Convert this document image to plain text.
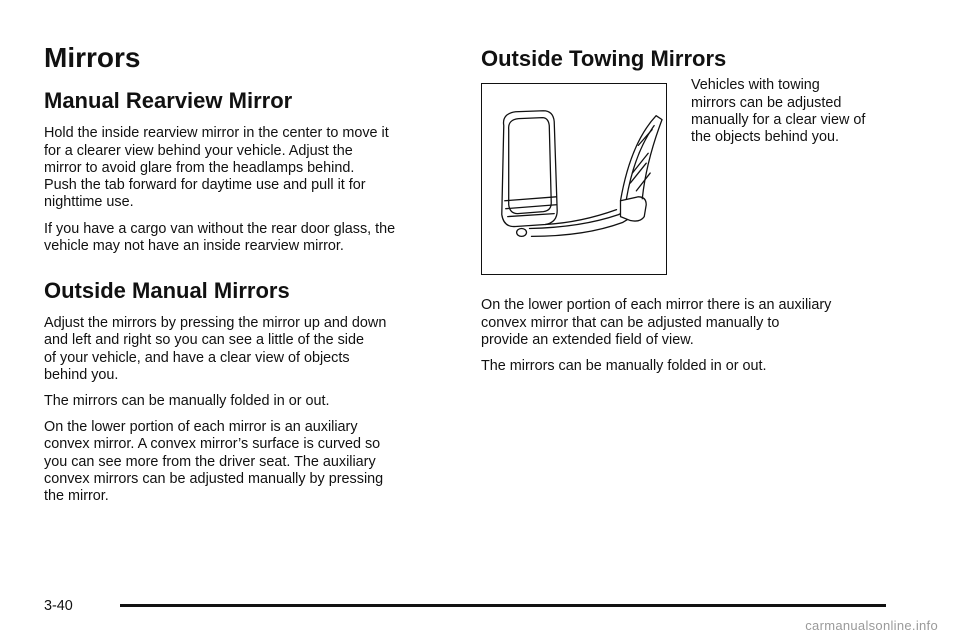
Mirrors
Manual Rearview Mirror

Hold the inside rearview mirror in the center to move it
for a clearer view behind your vehicle. Adjust the
mirror to avoid glare from the headlamps behind.
Push the tab forward for daytime use and pull it for
nighttime use.

If you have a cargo van without the rear door glass, the
vehicle may not have an inside rearview mirror.

Outside Manual Mirrors

Adjust the mirrors by pressing the mirror up and down
and left and right so you can see a little of the side
of your vehicle, and have a clear view of objects
behind you.

The mirrors can be manually folded in or out.

On the lower portion of each mirror is an auxiliary
convex mirror. A convex mirror’s surface is curved so
you can see more from the driver seat. The auxiliary
convex mirrors can be adjusted manually by pressing
the mirror.

Outside Towing Mirrors

Vehicles with towing
mirrors can be adjusted
manually for a clear view of
the objects behind you.

On the lower portion of each mirror there is an auxiliary
convex mirror that can be adjusted manually to
provide an extended field of view.

The mirrors can be manually folded in or out.

3-40
carmanualsonline.info
